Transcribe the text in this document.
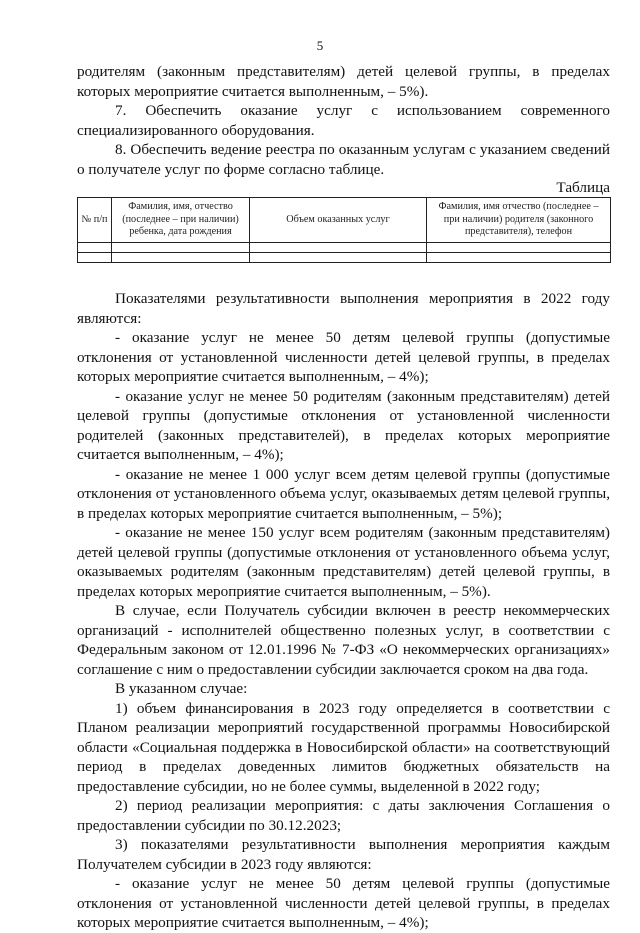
5

родителям (законным представителям) детей целевой группы, в пределах которых мероприятие считается выполненным, – 5%).

7. Обеспечить оказание услуг с использованием современного специализированного оборудования.

8. Обеспечить ведение реестра по оказанным услугам с указанием сведений о получателе услуг по форме согласно таблице.

Таблица

№ п/п	Фамилия, имя, отчество (последнее – при наличии) ребенка, дата рождения	Объем оказанных услуг	Фамилия, имя отчество (последнее – при наличии) родителя (законного представителя), телефон

Показателями результативности выполнения мероприятия в 2022 году являются:

- оказание услуг не менее 50 детям целевой группы (допустимые отклонения от установленной численности детей целевой группы, в пределах которых мероприятие считается выполненным, – 4%);

- оказание услуг не менее 50 родителям (законным представителям) детей целевой группы (допустимые отклонения от установленной численности родителей (законных представителей), в пределах которых мероприятие считается выполненным, – 4%);

- оказание не менее 1 000 услуг всем детям целевой группы (допустимые отклонения от установленного объема услуг, оказываемых детям целевой группы, в пределах которых мероприятие считается выполненным, – 5%);

- оказание не менее 150 услуг всем родителям (законным представителям) детей целевой группы (допустимые отклонения от установленного объема услуг, оказываемых родителям (законным представителям) детей целевой группы, в пределах которых мероприятие считается выполненным, – 5%).

В случае, если Получатель субсидии включен в реестр некоммерческих организаций - исполнителей общественно полезных услуг, в соответствии с Федеральным законом от 12.01.1996 № 7-ФЗ «О некоммерческих организациях» соглашение с ним о предоставлении субсидии заключается сроком на два года.

В указанном случае:

1) объем финансирования в 2023 году определяется в соответствии с Планом реализации мероприятий государственной программы Новосибирской области «Социальная поддержка в Новосибирской области» на соответствующий период в пределах доведенных лимитов бюджетных обязательств на предоставление субсидии, но не более суммы, выделенной в 2022 году;

2) период реализации мероприятия: с даты заключения Соглашения о предоставлении субсидии по 30.12.2023;

3) показателями результативности выполнения мероприятия каждым Получателем субсидии в 2023 году являются:

- оказание услуг не менее 50 детям целевой группы (допустимые отклонения от установленной численности детей целевой группы, в пределах которых мероприятие считается выполненным, – 4%);
